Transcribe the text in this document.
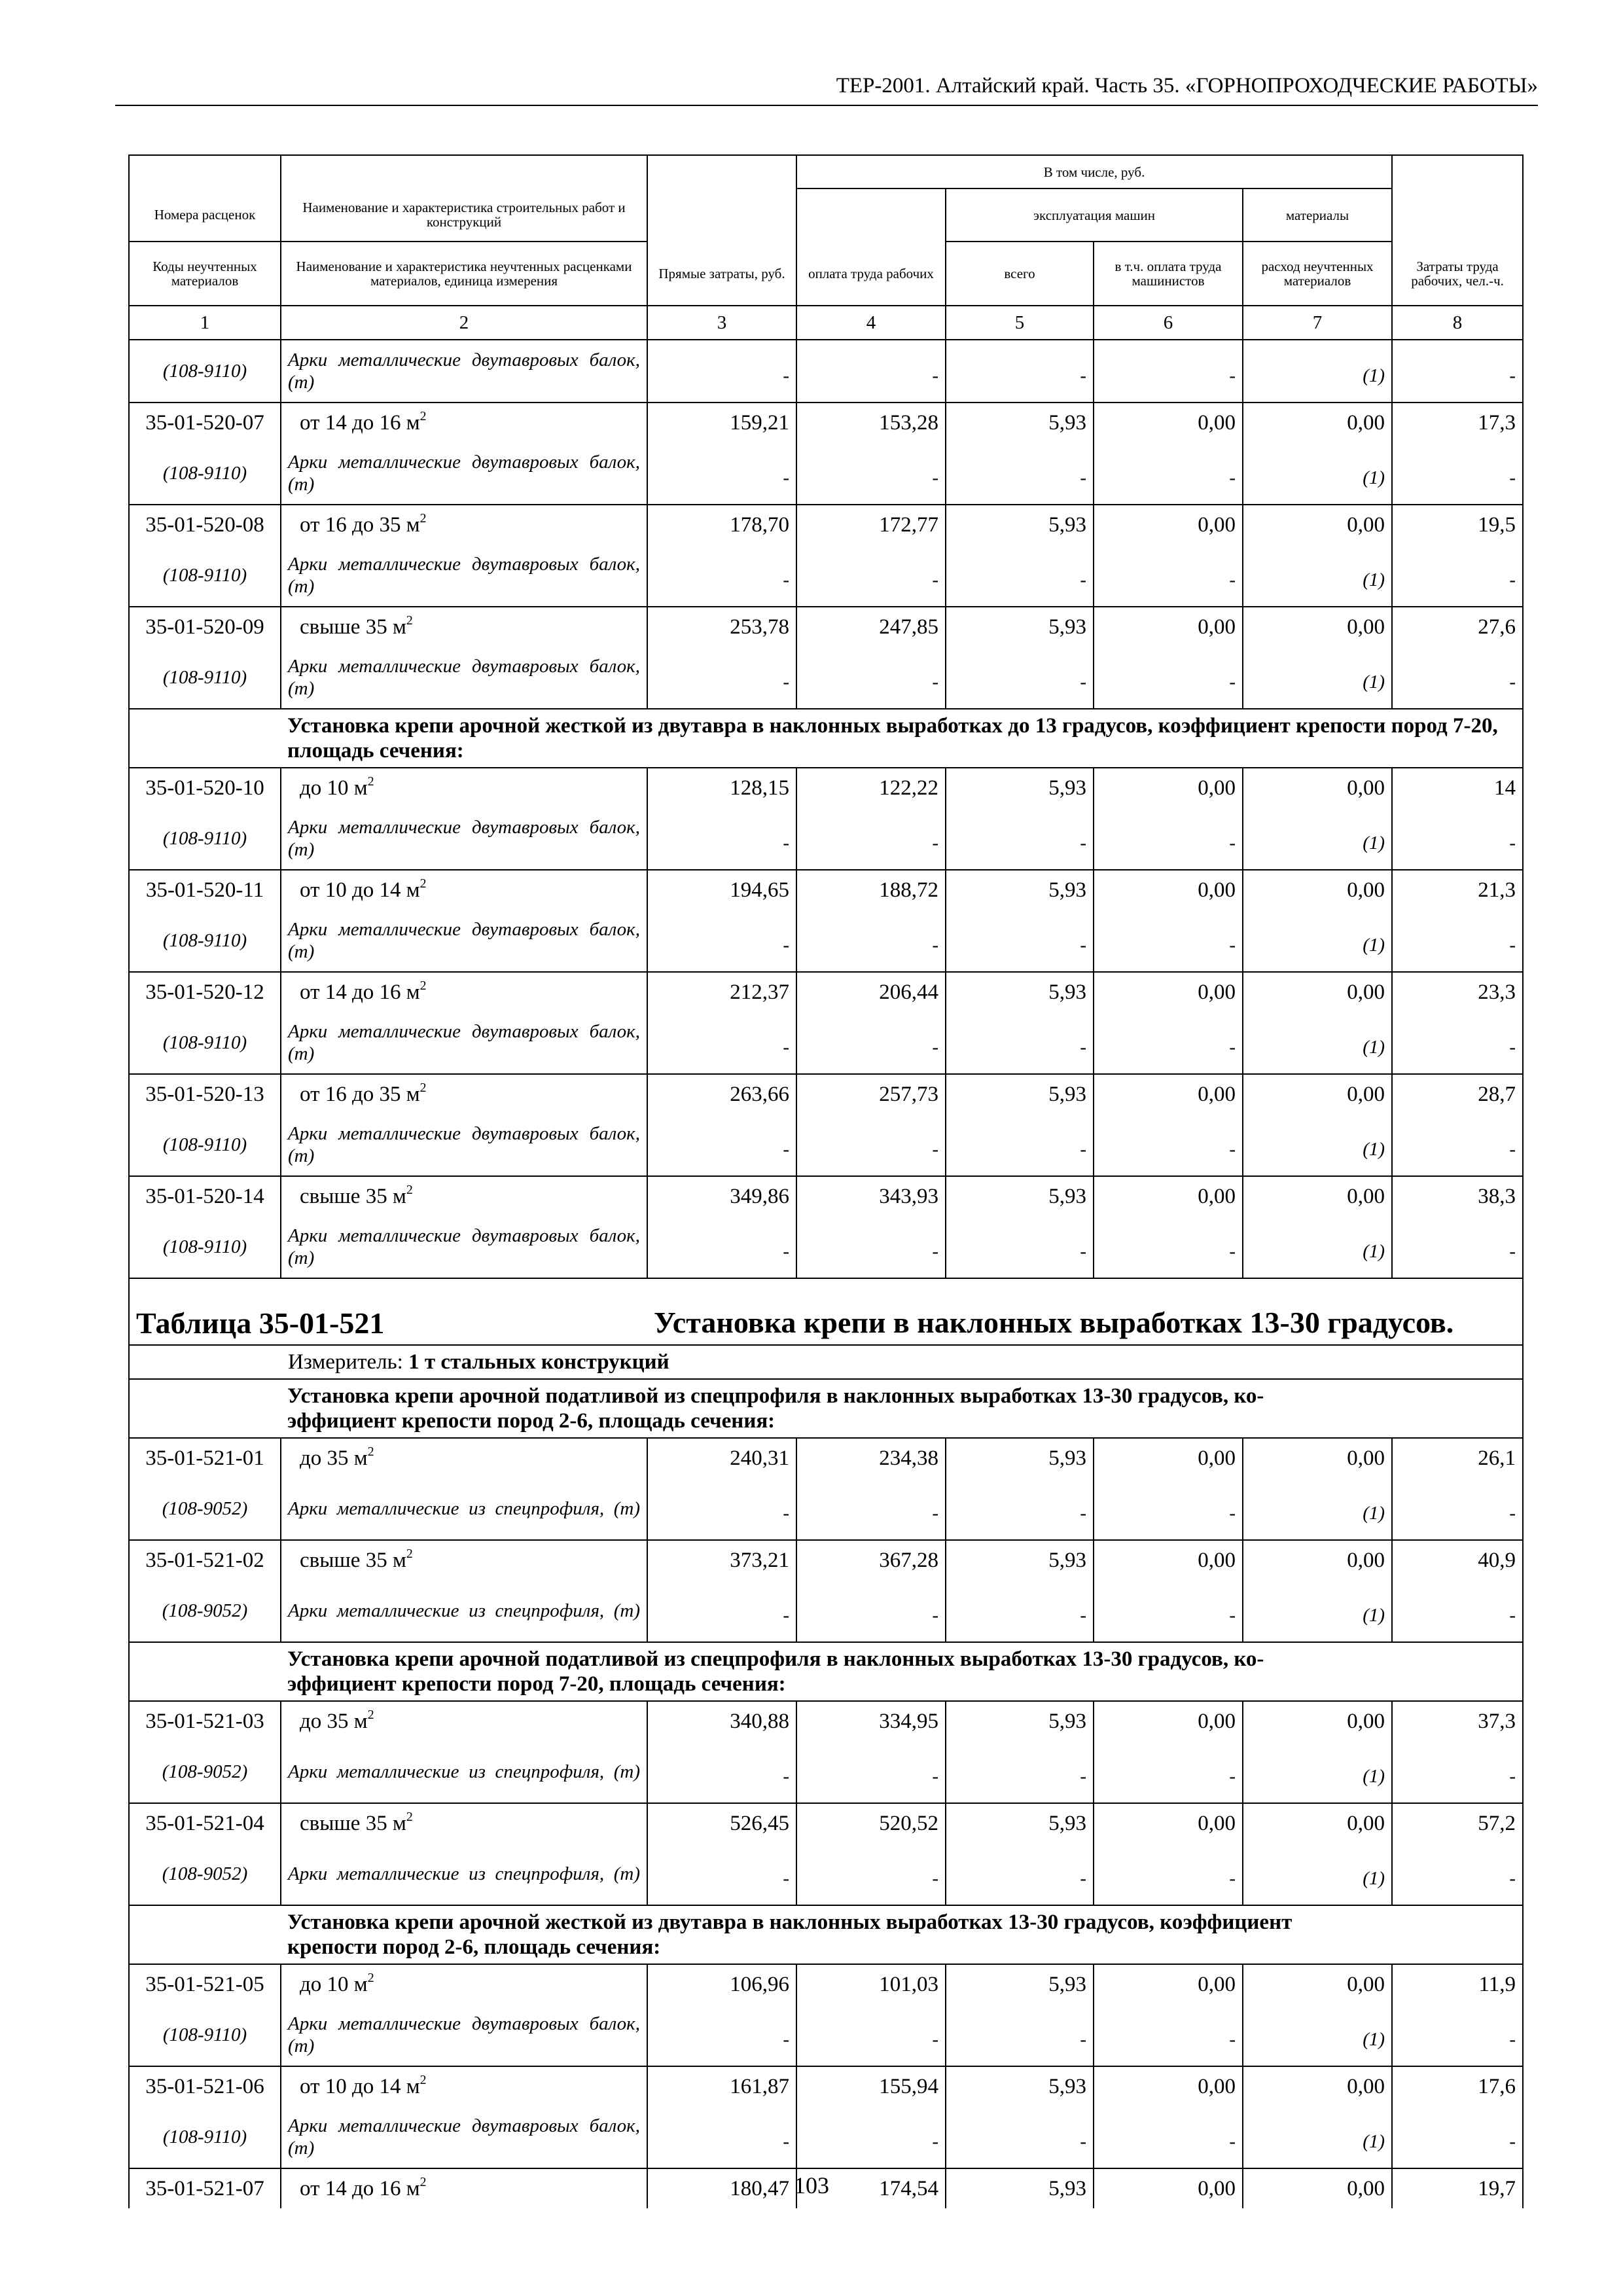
ТЕР-2001. Алтайский край. Часть 35. «ГОРНОПРОХОДЧЕСКИЕ РАБОТЫ»
			В том числе, руб.				
Номера расценок	Наименование и характеристика строительных работ и конструкций			эксплуатация машин		материалы	
Коды неучтенных материалов	Наименование и характеристика неучтенных расценками материалов, единица измерения	Прямые затраты, руб.	оплата труда рабочих	всего	в т.ч. оплата труда машинистов	расход неучтенных материалов	Затраты труда рабочих, чел.-ч.
1	2	3	4	5	6	7	8
(108-9110)	Арки металлические двутавровых балок, (т)	-	-	-	-	(1)	-
35-01-520-07	от 14 до 16 $м^2$	159,21	153,28	5,93	0,00	0,00	17,3
(108-9110)	Арки металлические двутавровых балок, (т)	-	-	-	-	(1)	-
35-01-520-08	от 16 до 35 $м^2$	178,70	172,77	5,93	0,00	0,00	19,5
(108-9110)	Арки металлические двутавровых балок, (т)	-	-	-	-	(1)	-
35-01-520-09	свыше 35 $м^2$	253,78	247,85	5,93	0,00	0,00	27,6
(108-9110)	Арки металлические двутавровых балок, (т)	-	-	-	-	(1)	-
	Установка крепи арочной жесткой из двутавра в наклонных выработках до 13 градусов, коэффициент крепости пород 7-20, площадь сечения:						
35-01-520-10	до 10 $м^2$	128,15	122,22	5,93	0,00	0,00	14
(108-9110)	Арки металлические двутавровых балок, (т)	-	-	-	-	(1)	-
35-01-520-11	от 10 до 14 $м^2$	194,65	188,72	5,93	0,00	0,00	21,3
(108-9110)	Арки металлические двутавровых балок, (т)	-	-	-	-	(1)	-
35-01-520-12	от 14 до 16 $м^2$	212,37	206,44	5,93	0,00	0,00	23,3
(108-9110)	Арки металлические двутавровых балок, (т)	-	-	-	-	(1)	-
35-01-520-13	от 16 до 35 $м^2$	263,66	257,73	5,93	0,00	0,00	28,7
(108-9110)	Арки металлические двутавровых балок, (т)	-	-	-	-	(1)	-
35-01-520-14	свыше 35 $м^2$	349,86	343,93	5,93	0,00	0,00	38,3
(108-9110)	Арки металлические двутавровых балок, (т)	-	-	-	-	(1)	-
Таблица 35-01-521		Установка крепи в наклонных выработках 13-30 градусов.					

Измеритель: 1 т стальных конструкций							

	Установка крепи арочной податливой из спецпрофиля в наклонных выработках 13-30 градусов, ко-
эффициент крепости пород 2-6, площадь сечения:						

35-01-521-01	до 35 $м^2$	240,31	234,38	5,93	0,00	0,00	26,1
(108-9052)	Арки металлические из спецпрофиля, (т)	-	-	-	-	(1)	-
35-01-521-02	свыше 35 $м^2$	373,21	367,28	5,93	0,00	0,00	40,9
(108-9052)	Арки металлические из спецпрофиля, (т)	-	-	-	-	(1)	-

	Установка крепи арочной податливой из спецпрофиля в наклонных выработках 13-30 градусов, ко-
эффициент крепости пород 7-20, площадь сечения:						

35-01-521-03	до 35 $м^2$	340,88	334,95	5,93	0,00	0,00	37,3
(108-9052)	Арки металлические из спецпрофиля, (т)	-	-	-	-	(1)	-
35-01-521-04	свыше 35 $м^2$	526,45	520,52	5,93	0,00	0,00	57,2
(108-9052)	Арки металлические из спецпрофиля, (т)	-	-	-	-	(1)	-

	Установка крепи арочной жесткой из двутавра в наклонных выработках 13-30 градусов, коэффициент
крепости пород 2-6, площадь сечения:						

35-01-521-05	до 10 $м^2$	106,96	101,03	5,93	0,00	0,00	11,9
(108-9110)	Арки металлические двутавровых балок, (т)	-	-	-	-	(1)	-
35-01-521-06	от 10 до 14 $м^2$	161,87	155,94	5,93	0,00	0,00	17,6
(108-9110)	Арки металлические двутавровых балок, (т)	-	-	-	-	(1)	-
35-01-521-07	от 14 до 16 $м^2$	180,47	174,54	5,93	0,00	0,00	19,7
103
